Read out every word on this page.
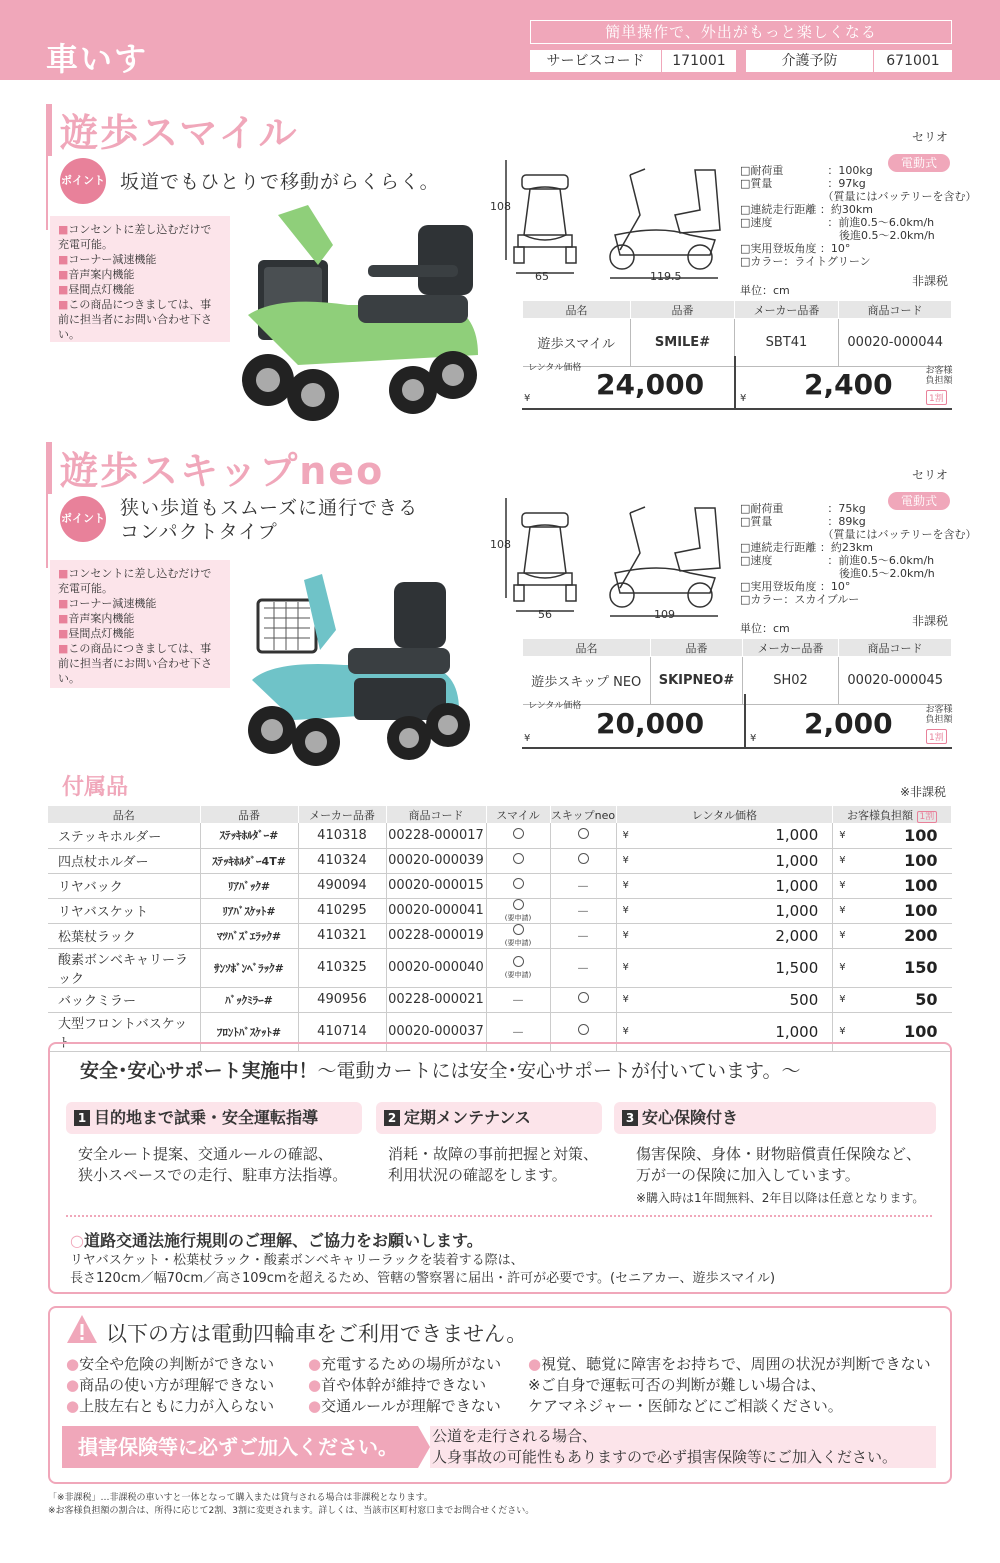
車いす
簡単操作で、外出がもっと楽しくなる
サービスコード	171001	介護予防	671001
遊歩スマイル	セリオ
ポイント 坂道でもひとりで移動がらくらく。
■ コンセントに差し込むだけで充電可能。
■ コーナー減速機能
■ 音声案内機能
■ 昼間点灯機能
■ この商品につきましては、事前に担当者にお問い合わせ下さい。
108
65	119.5
□耐荷重　　　　：100kg
□質量　　　　　：97kg
　　　　　　　　（質量にはバッテリーを含む）
□連続走行距離 ：約30km
□速度　　　　　：前進0.5～6.0km/h
　　　　　　　　　後進0.5～2.0km/h
□実用登坂角度 ：10°
□カラー：ライトグリーン
電動式
非課税
単位：cm
品名	品番	メーカー品番	商品コード
遊歩スマイル	SMILE#	SBT41	00020-000044
レンタル価格
¥ 24,000	¥ 2,400	お客様負担額
1割
遊歩スキップneo	セリオ
ポイント 狭い歩道もスムーズに通行できる
コンパクトタイプ
■ コンセントに差し込むだけで充電可能。
■ コーナー減速機能
■ 音声案内機能
■ 昼間点灯機能
■ この商品につきましては、事前に担当者にお問い合わせ下さい。
108
56	109
□耐荷重　　　　：75kg
□質量　　　　　：89kg
　　　　　　　　（質量にはバッテリーを含む）
□連続走行距離 ：約23km
□速度　　　　　：前進0.5～6.0km/h
　　　　　　　　　後進0.5～2.0km/h
□実用登坂角度 ：10°
□カラー：スカイブルー
電動式
非課税
単位：cm
品名	品番	メーカー品番	商品コード
遊歩スキップ NEO	SKIPNEO#	SH02	00020-000045
レンタル価格
¥ 20,000	¥ 2,000	お客様負担額
1割
付属品	※非課税
品名	品番	メーカー品番	商品コード	スマイル	スキップneo	レンタル価格		お客様負担額 1割	
ステッキホルダー	ｽﾃｯｷﾎﾙﾀﾞｰ#	410318	00228-000017			¥	1,000	¥	100
四点杖ホルダー	ｽﾃｯｷﾎﾙﾀﾞｰ4T#	410324	00020-000039			¥	1,000	¥	100
リヤバック	ﾘｱﾊﾞｯｸ#	490094	00020-000015		－	¥	1,000	¥	100
リヤバスケット	ﾘｱﾊﾞｽｹｯﾄ#	410295	00020-000041	(要申請)	－	¥	1,000	¥	100
松葉杖ラック	ﾏﾂﾊﾞｽﾞｴﾗｯｸ#	410321	00228-000019	(要申請)	－	¥	2,000	¥	200
酸素ボンベキャリーラック	ｻﾝｿﾎﾞﾝﾍﾞﾗｯｸ#	410325	00020-000040	(要申請)	－	¥	1,500	¥	150
バックミラー	ﾊﾞｯｸﾐﾗｰ#	490956	00228-000021	－		¥	500	¥	50
大型フロントバスケット	ﾌﾛﾝﾄﾊﾞｽｹｯﾄ#	410714	00020-000037	－		¥	1,000	¥	100
安全･安心サポート実施中！～電動カートには安全･安心サポートが付いています。～
1 目的地まで試乗・安全運転指導	2 定期メンテナンス	3 安心保険付き
安全ルート提案、交通ルールの確認、
狭小スペースでの走行、駐車方法指導。
消耗・故障の事前把握と対策、
利用状況の確認をします。
傷害保険、身体・財物賠償責任保険など、
万が一の保険に加入しています。
※購入時は1年間無料、2年目以降は任意となります。
○道路交通法施行規則のご理解、ご協力をお願いします。
リヤバスケット・松葉杖ラック・酸素ボンベキャリーラックを装着する際は、
長さ120cm／幅70cm／高さ109cmを超えるため、管轄の警察署に届出・許可が必要です。(セニアカー、遊歩スマイル)
以下の方は電動四輪車をご利用できません。
●安全や危険の判断ができない
●商品の使い方が理解できない
●上肢左右ともに力が入らない
●充電するための場所がない
●首や体幹が維持できない
●交通ルールが理解できない
●視覚、聴覚に障害をお持ちで、周囲の状況が判断できない
※ご自身で運転可否の判断が難しい場合は、
ケアマネジャー・医師などにご相談ください。
損害保険等に必ずご加入ください。	公道を走行される場合、
人身事故の可能性もありますので必ず損害保険等にご加入ください。
「※非課税」…非課税の車いすと一体となって購入または貸与される場合は非課税となります。
※お客様負担額の割合は、所得に応じて2割、3割に変更されます。詳しくは、当該市区町村窓口までお問合せください。
